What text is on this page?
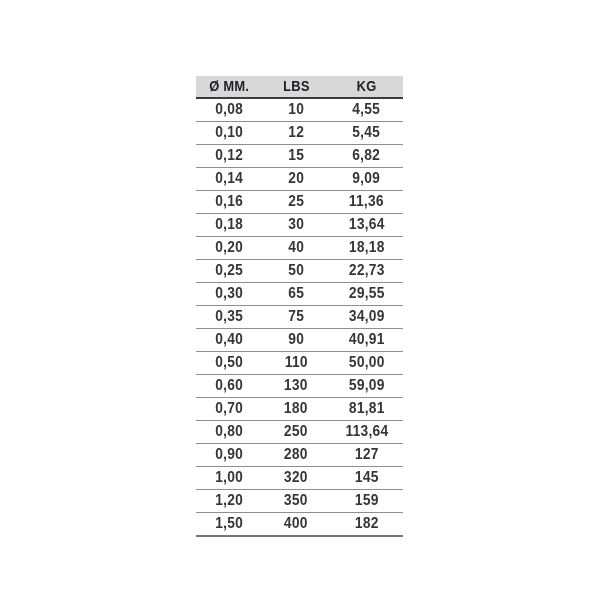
Ø MM.	LBS	KG
0,08	10	4,55
0,10	12	5,45
0,12	15	6,82
0,14	20	9,09
0,16	25	11,36
0,18	30	13,64
0,20	40	18,18
0,25	50	22,73
0,30	65	29,55
0,35	75	34,09
0,40	90	40,91
0,50	110	50,00
0,60	130	59,09
0,70	180	81,81
0,80	250	113,64
0,90	280	127
1,00	320	145
1,20	350	159
1,50	400	182
